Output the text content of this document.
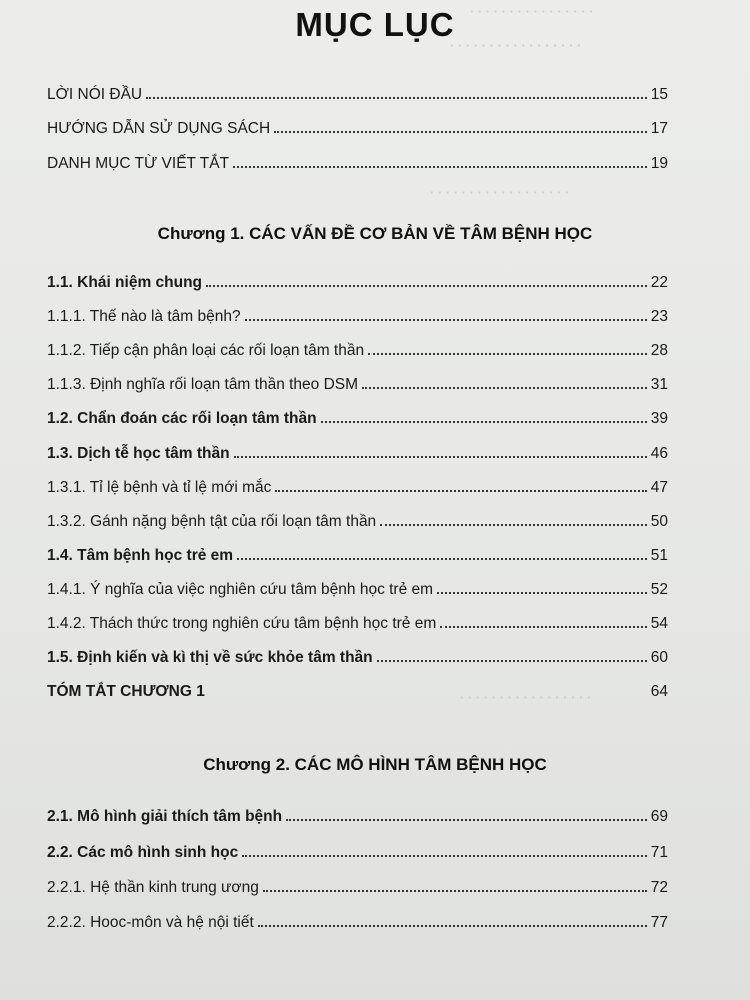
· · · · · · · · · · · · · · · ·
· · · · · · · · · · · · · · · · ·
· · · · · · · · · · · · · · · · · ·
· · · · · · · · · · · · · · · · ·
MỤC LỤC
LỜI NÓI ĐẦU	15
HƯỚNG DẪN SỬ DỤNG SÁCH	17
DANH MỤC TỪ VIẾT TẮT	19
Chương 1. CÁC VẤN ĐỀ CƠ BẢN VỀ TÂM BỆNH HỌC
1.1. Khái niệm chung	22
1.1.1. Thế nào là tâm bệnh?	23
1.1.2. Tiếp cận phân loại các rối loạn tâm thần	28
1.1.3. Định nghĩa rối loạn tâm thần theo DSM	31
1.2. Chẩn đoán các rối loạn tâm thần	39
1.3. Dịch tễ học tâm thần	46
1.3.1. Tỉ lệ bệnh và tỉ lệ mới mắc	47
1.3.2. Gánh nặng bệnh tật của rối loạn tâm thần	50
1.4. Tâm bệnh học trẻ em	51
1.4.1. Ý nghĩa của việc nghiên cứu tâm bệnh học trẻ em	52
1.4.2. Thách thức trong nghiên cứu tâm bệnh học trẻ em	54
1.5. Định kiến và kì thị về sức khỏe tâm thần	60
TÓM TẮT CHƯƠNG 1	64
Chương 2. CÁC MÔ HÌNH TÂM BỆNH HỌC
2.1. Mô hình giải thích tâm bệnh	69
2.2. Các mô hình sinh học	71
2.2.1. Hệ thần kinh trung ương	72
2.2.2. Hooc-môn và hệ nội tiết	77
